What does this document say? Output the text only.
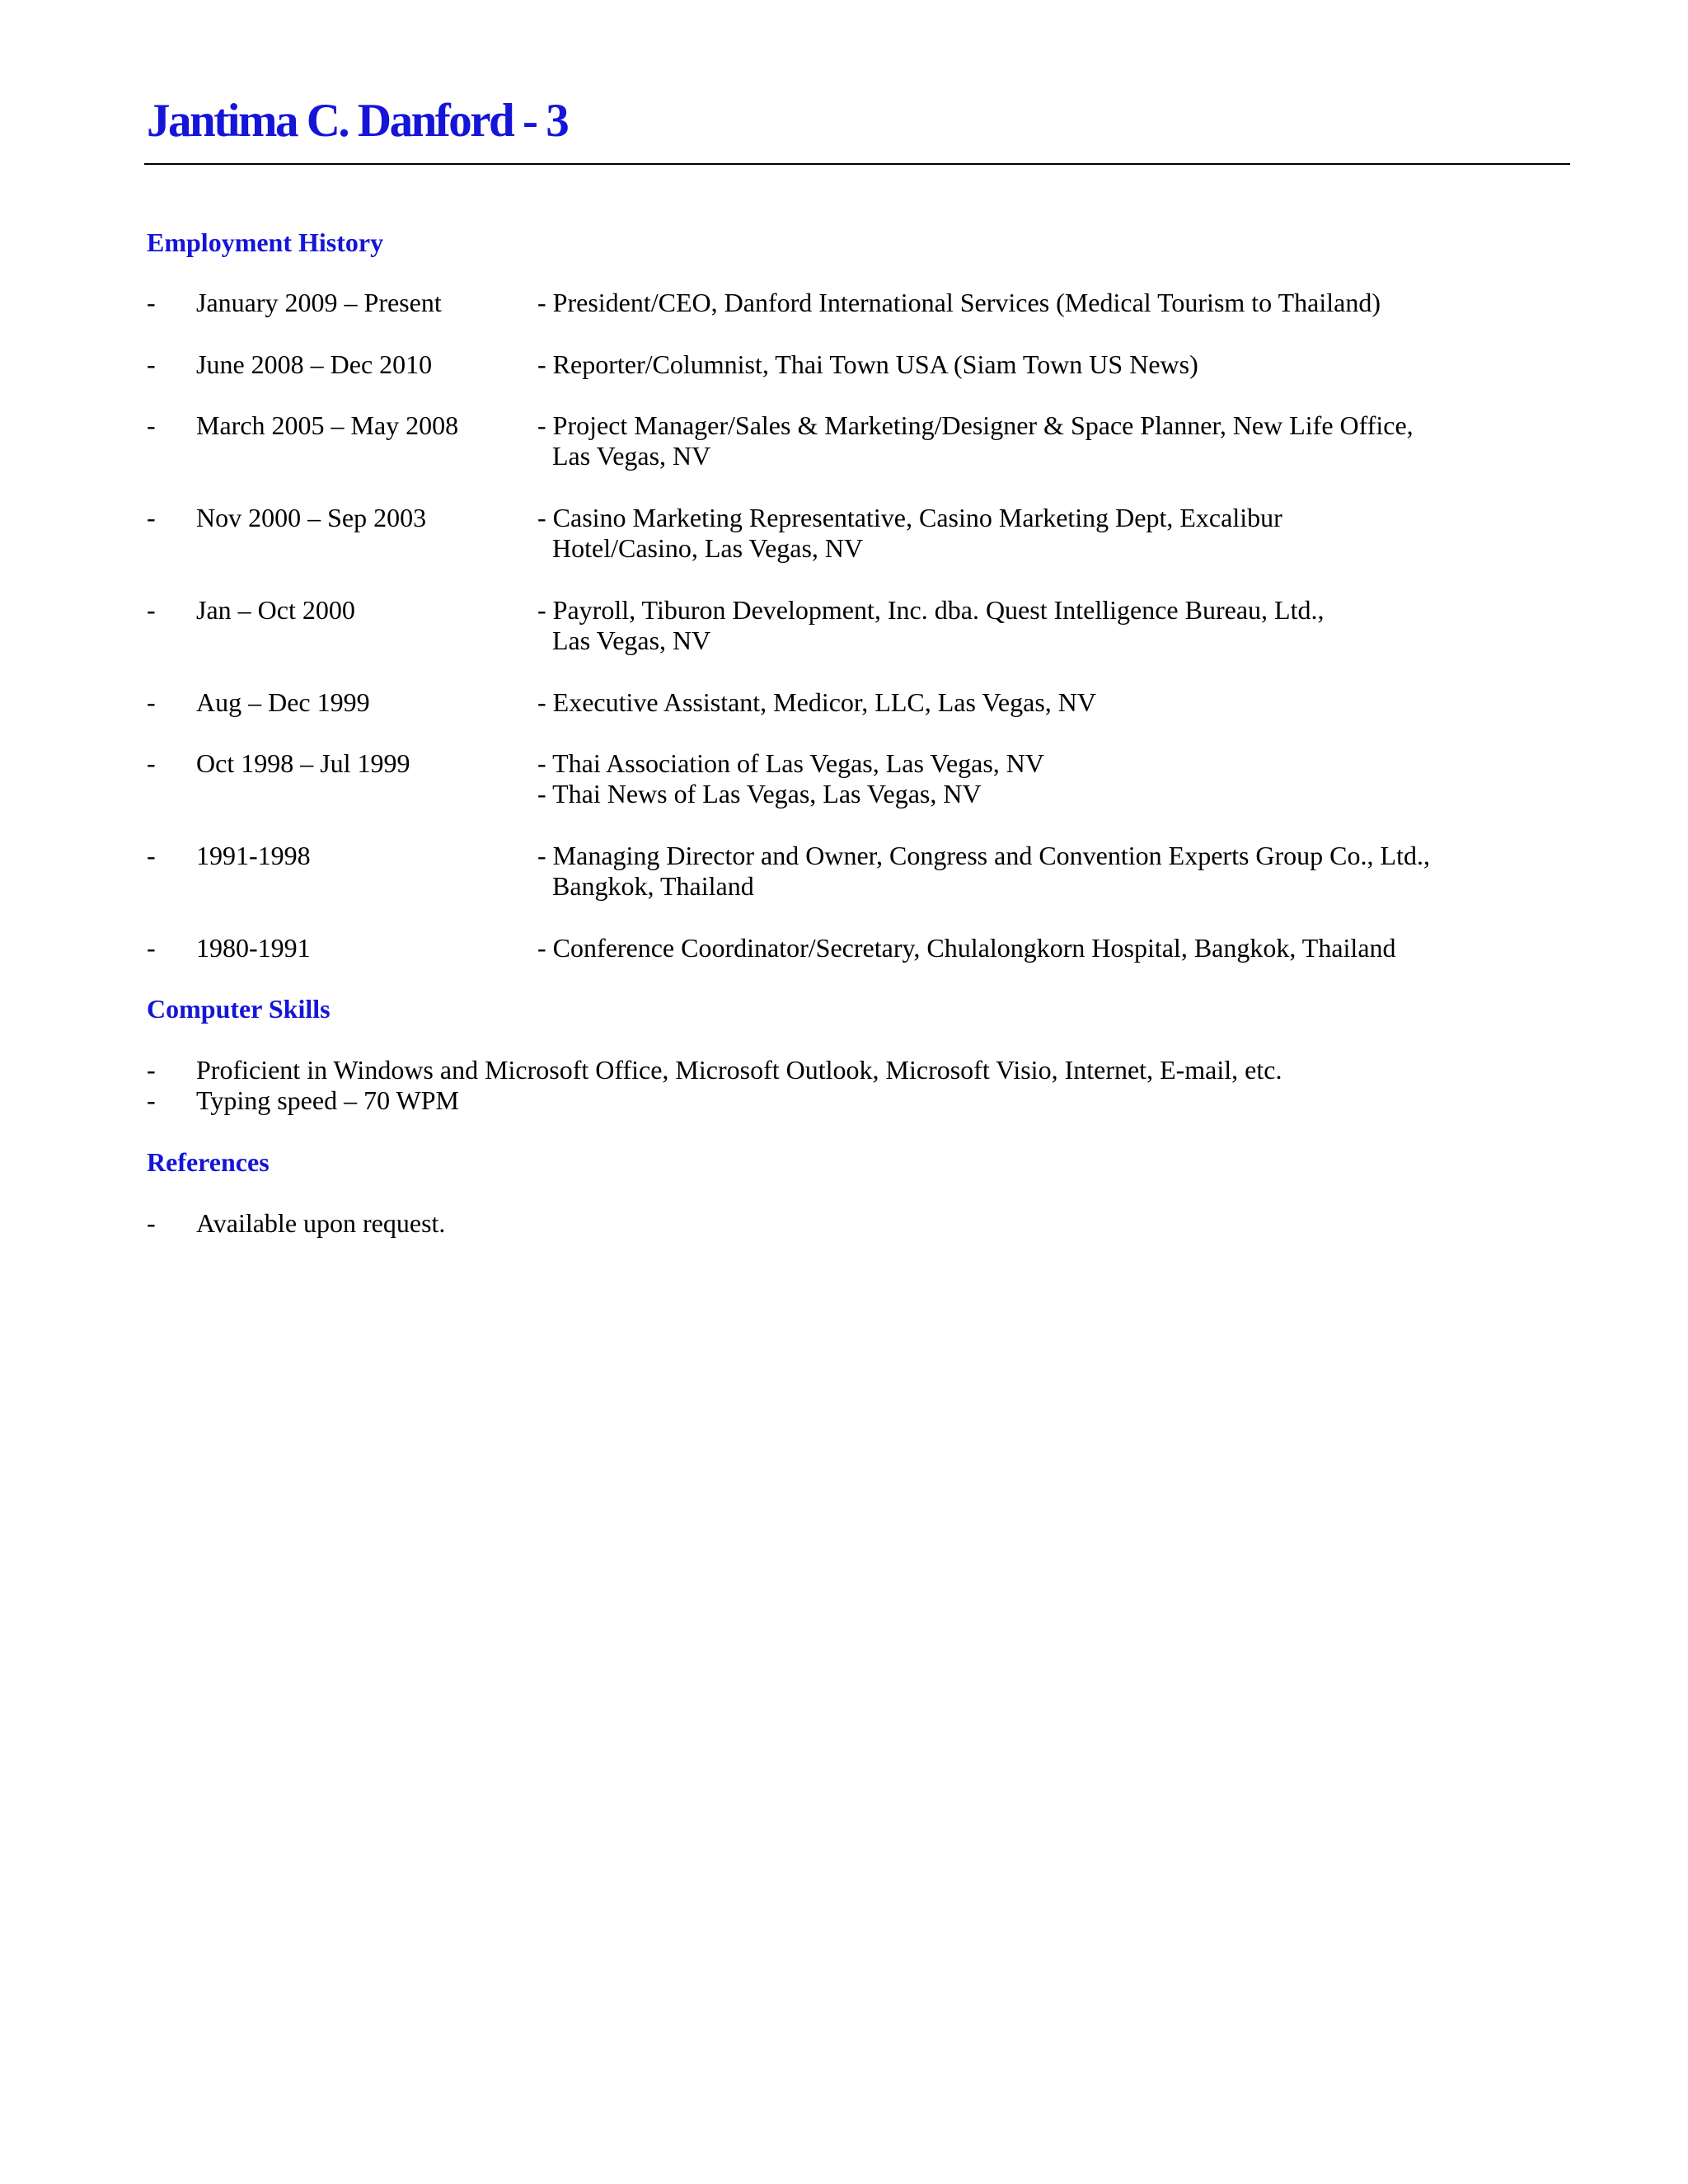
Jantima C. Danford - 3
Employment History
- January 2009 – Present	- President/CEO, Danford International Services (Medical Tourism to Thailand)
- June 2008 – Dec 2010	- Reporter/Columnist, Thai Town USA (Siam Town US News)
- March 2005 – May 2008	- Project Manager/Sales & Marketing/Designer & Space Planner, New Life Office,
Las Vegas, NV
- Nov 2000 – Sep 2003	- Casino Marketing Representative, Casino Marketing Dept, Excalibur
Hotel/Casino, Las Vegas, NV
- Jan – Oct 2000	- Payroll, Tiburon Development, Inc. dba. Quest Intelligence Bureau, Ltd.,
Las Vegas, NV
- Aug – Dec 1999	- Executive Assistant, Medicor, LLC, Las Vegas, NV
- Oct 1998 – Jul 1999	- Thai Association of Las Vegas, Las Vegas, NV
- Thai News of Las Vegas, Las Vegas, NV
- 1991-1998	- Managing Director and Owner, Congress and Convention Experts Group Co., Ltd.,
Bangkok, Thailand
- 1980-1991	- Conference Coordinator/Secretary, Chulalongkorn Hospital, Bangkok, Thailand
Computer Skills
- Proficient in Windows and Microsoft Office, Microsoft Outlook, Microsoft Visio, Internet, E-mail, etc.
- Typing speed – 70 WPM
References
- Available upon request.
